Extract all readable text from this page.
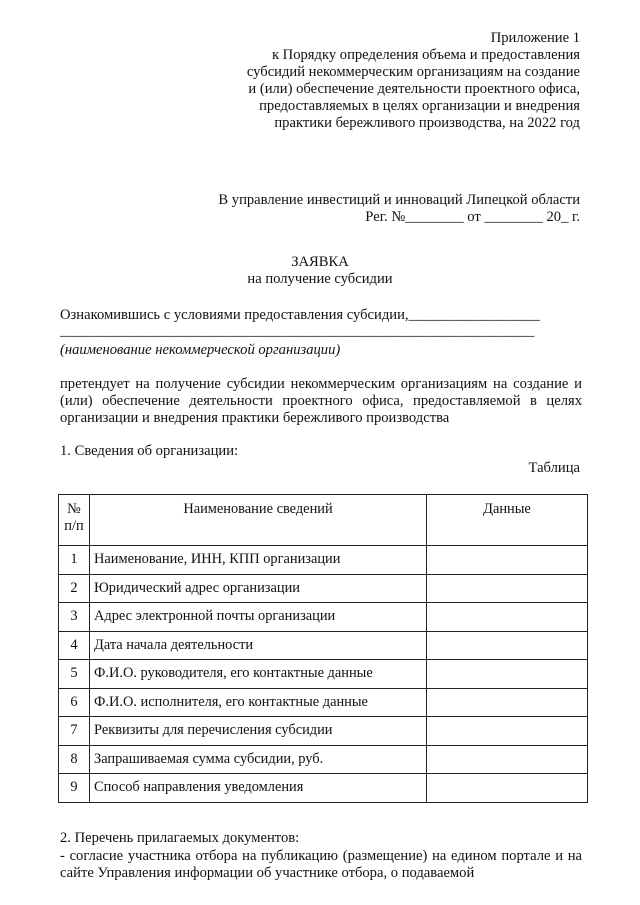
Приложение 1
к Порядку определения объема и предоставления
субсидий некоммерческим организациям на создание
и (или) обеспечение деятельности проектного офиса,
предоставляемых в целях организации и внедрения
практики бережливого производства, на 2022 год
В управление инвестиций и инноваций Липецкой области
Рег. №________ от ________ 20_ г.
ЗАЯВКА
на получение субсидии
Ознакомившись с условиями предоставления субсидии,__________________
_________________________________________________________________
(наименование некоммерческой организации)
претендует на получение субсидии некоммерческим организациям на создание и (или) обеспечение деятельности проектного офиса, предоставляемой в целях организации и внедрения практики бережливого производства
1. Сведения об организации:
Таблица
№ п/п	Наименование сведений	Данные
1	Наименование, ИНН, КПП организации	
2	Юридический адрес организации	
3	Адрес электронной почты организации	
4	Дата начала деятельности	
5	Ф.И.О. руководителя, его контактные данные	
6	Ф.И.О. исполнителя, его контактные данные	
7	Реквизиты для перечисления субсидии	
8	Запрашиваемая сумма субсидии, руб.	
9	Способ направления уведомления	
2. Перечень прилагаемых документов:
- согласие участника отбора на публикацию (размещение) на едином портале и на сайте Управления информации об участнике отбора, о подаваемой
